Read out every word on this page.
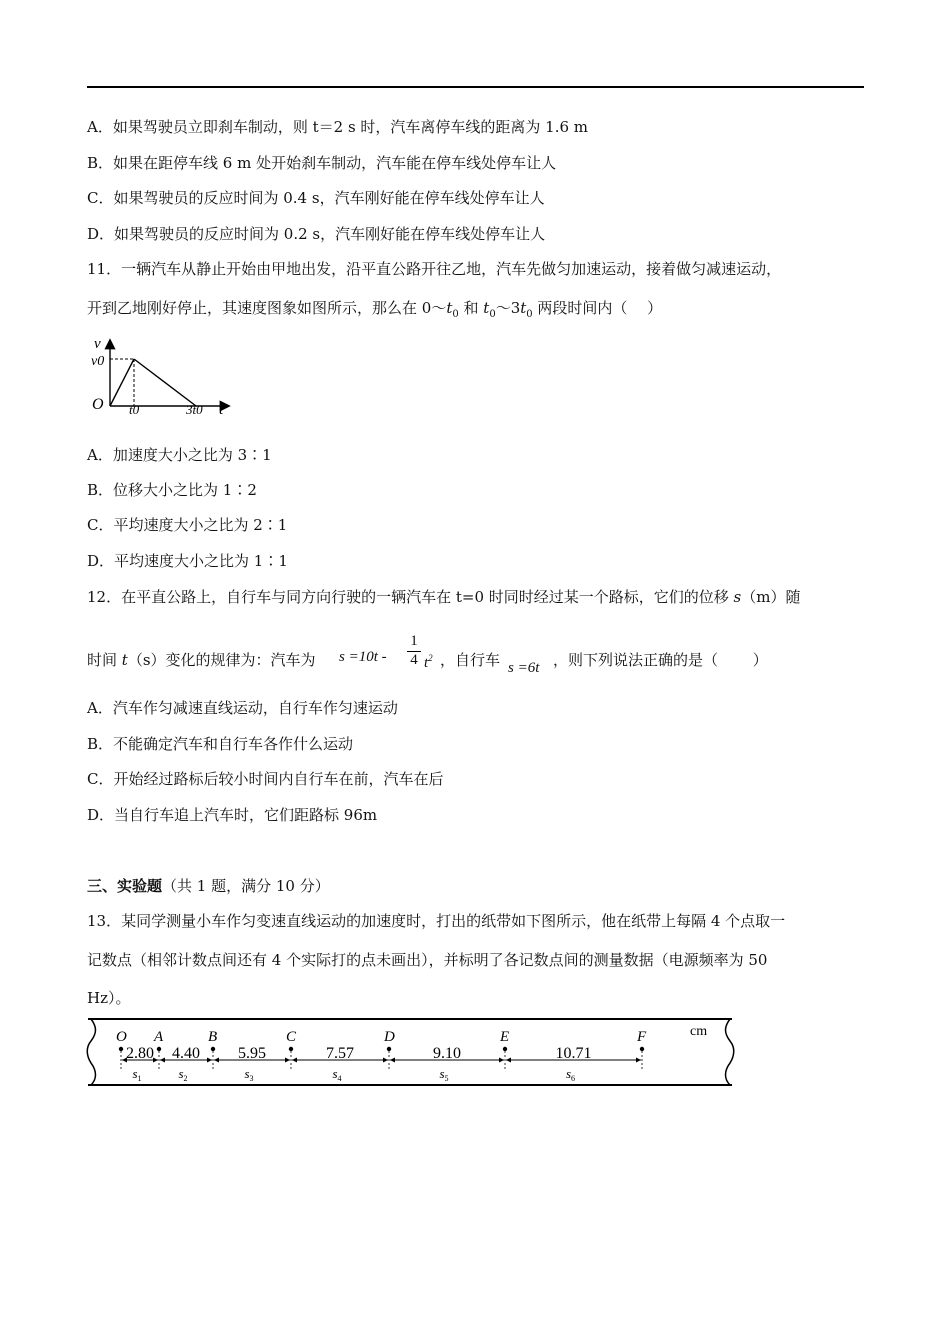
A．如果驾驶员立即刹车制动，则 t＝2 s 时，汽车离停车线的距离为 1.6 m
B．如果在距停车线 6 m 处开始刹车制动，汽车能在停车线处停车让人
C．如果驾驶员的反应时间为 0.4 s，汽车刚好能在停车线处停车让人
D．如果驾驶员的反应时间为 0.2 s，汽车刚好能在停车线处停车让人
11．一辆汽车从静止开始由甲地出发，沿平直公路开往乙地，汽车先做匀加速运动，接着做匀减速运动，
开到乙地刚好停止，其速度图象如图所示，那么在 $0\sim t_0$ 和 $t_0\sim 3t_0$ 两段时间内（　 ）
v
v0
O t0	3t0 t
A．加速度大小之比为 3∶1
B．位移大小之比为 1∶2
C．平均速度大小之比为 2∶1
D．平均速度大小之比为 1∶1
12．在平直公路上，自行车与同方向行驶的一辆汽车在 t=0 时同时经过某一个路标，它们的位移 s（m）随
时间 t（s）变化的规律为：汽车为 $s =10t - \frac{1}{4} t^2$ ，自行车 s =6t ，则下列说法正确的是（　　 ）
A．汽车作匀减速直线运动，自行车作匀速运动
B．不能确定汽车和自行车各作什么运动
C．开始经过路标后较小时间内自行车在前，汽车在后
D．当自行车追上汽车时，它们距路标 96m
三、实验题（共 1 题，满分 10 分）
13．某同学测量小车作匀变速直线运动的加速度时，打出的纸带如下图所示，他在纸带上每隔 4 个点取一
记数点（相邻计数点间还有 4 个实际打的点未画出），并标明了各记数点间的测量数据（电源频率为 50
Hz）。
cm
O A	B	C	D	E	F
2.80
$s_1$
4.40
$s_2$
5.95
$s_3$
7.57
$s_4$
9.10
$s_5$
10.71
$s_6$
